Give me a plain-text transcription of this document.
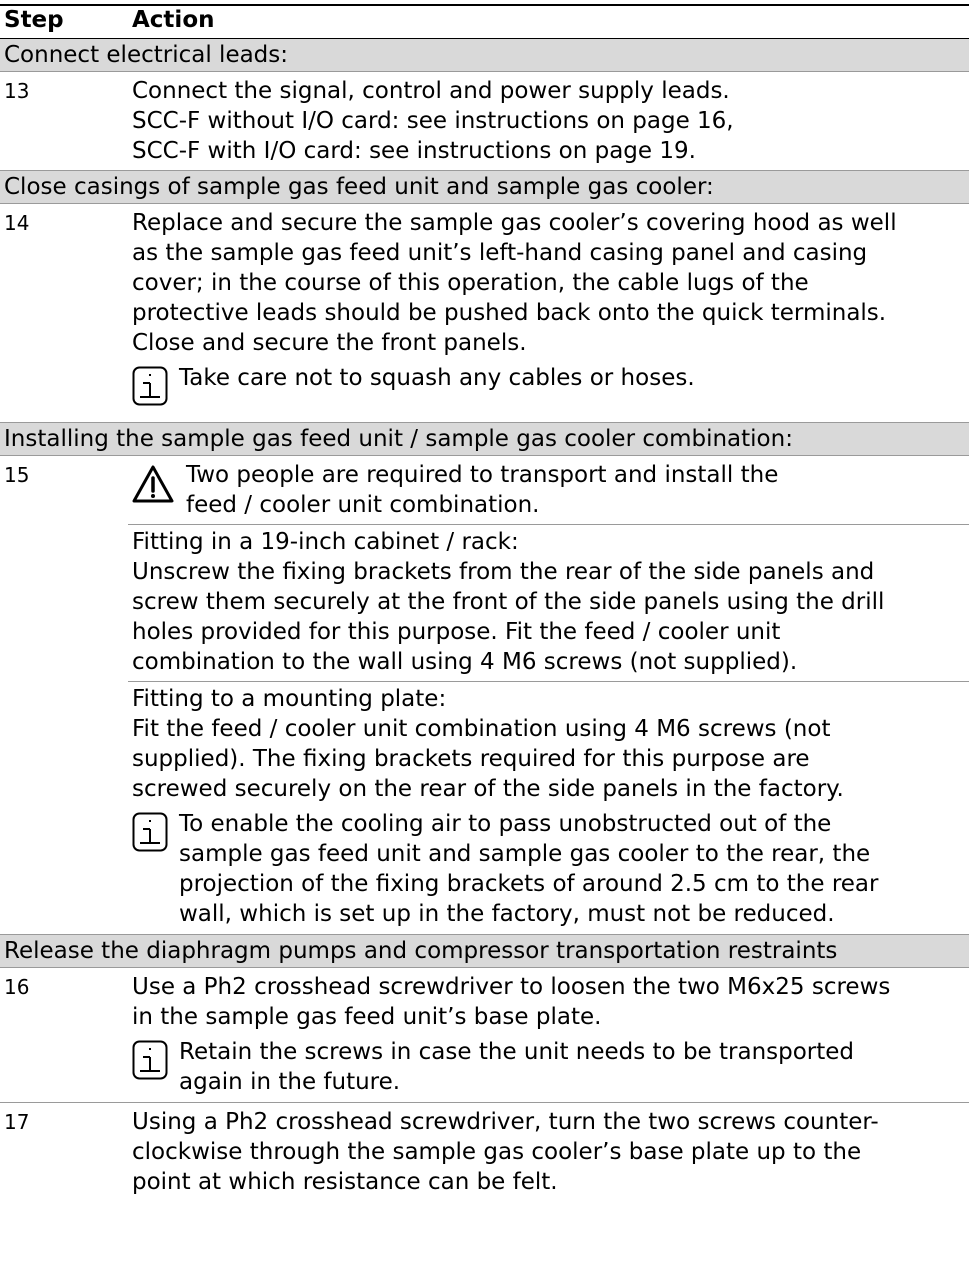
Step	Action
Connect electrical leads:
13	Connect the signal, control and power supply leads.
SCC-F without I/O card: see instructions on page 16,
SCC-F with I/O card: see instructions on page 19.
Close casings of sample gas feed unit and sample gas cooler:
14	Replace and secure the sample gas cooler’s covering hood as well
as the sample gas feed unit’s left-hand casing panel and casing
cover; in the course of this operation, the cable lugs of the
protective leads should be pushed back onto the quick terminals.
Close and secure the front panels.
Take care not to squash any cables or hoses.
Installing the sample gas feed unit / sample gas cooler combination:
15	Two people are required to transport and install the
feed / cooler unit combination.
Fitting in a 19-inch cabinet / rack:
Unscrew the fixing brackets from the rear of the side panels and
screw them securely at the front of the side panels using the drill
holes provided for this purpose. Fit the feed / cooler unit
combination to the wall using 4 M6 screws (not supplied).
Fitting to a mounting plate:
Fit the feed / cooler unit combination using 4 M6 screws (not
supplied). The fixing brackets required for this purpose are
screwed securely on the rear of the side panels in the factory.
To enable the cooling air to pass unobstructed out of the
sample gas feed unit and sample gas cooler to the rear, the
projection of the fixing brackets of around 2.5 cm to the rear
wall, which is set up in the factory, must not be reduced.
Release the diaphragm pumps and compressor transportation restraints
16	Use a Ph2 crosshead screwdriver to loosen the two M6x25 screws
in the sample gas feed unit’s base plate.
Retain the screws in case the unit needs to be transported
again in the future.
17	Using a Ph2 crosshead screwdriver, turn the two screws counter-
clockwise through the sample gas cooler’s base plate up to the
point at which resistance can be felt.
